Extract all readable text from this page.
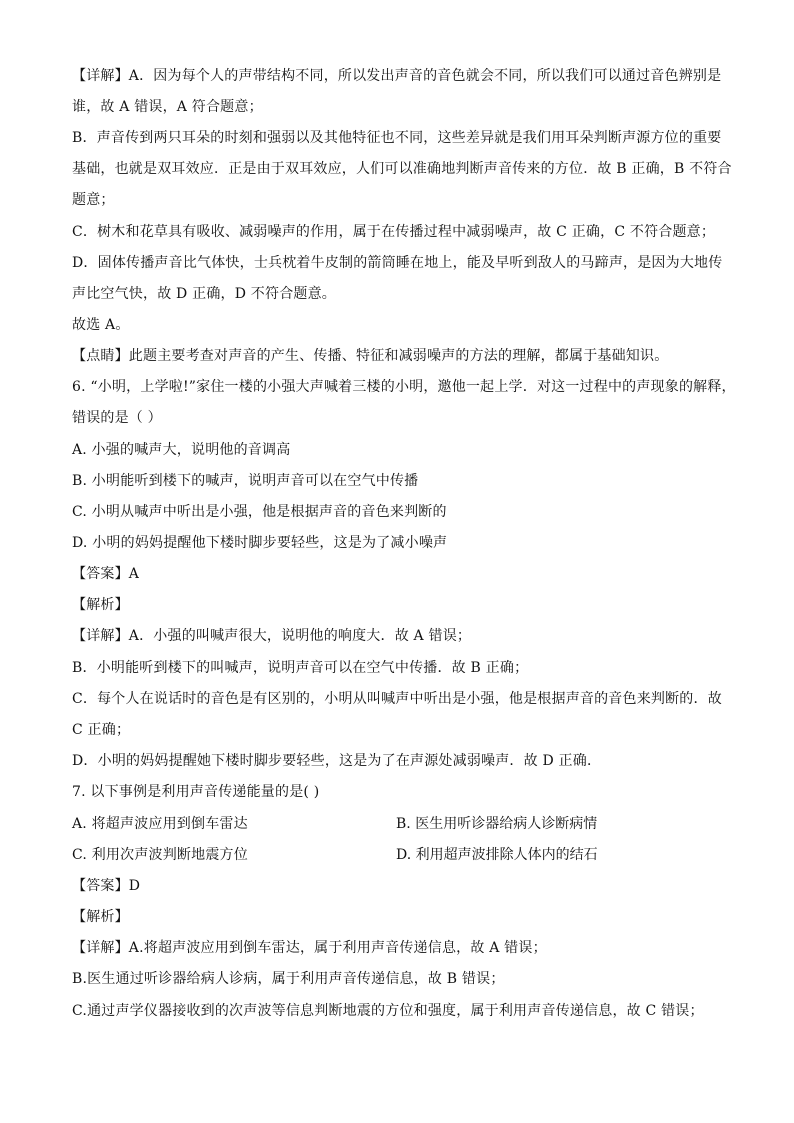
【详解】A．因为每个人的声带结构不同，所以发出声音的音色就会不同，所以我们可以通过音色辨别是
谁，故 A 错误，A 符合题意；
B．声音传到两只耳朵的时刻和强弱以及其他特征也不同，这些差异就是我们用耳朵判断声源方位的重要
基础，也就是双耳效应．正是由于双耳效应，人们可以准确地判断声音传来的方位．故 B 正确，B 不符合
题意；
C．树木和花草具有吸收、减弱噪声的作用，属于在传播过程中减弱噪声，故 C 正确，C 不符合题意；
D．固体传播声音比气体快，士兵枕着牛皮制的箭筒睡在地上，能及早听到敌人的马蹄声，是因为大地传
声比空气快，故 D 正确，D 不符合题意。
故选 A。
【点睛】此题主要考查对声音的产生、传播、特征和减弱噪声的方法的理解，都属于基础知识。
6. “小明，上学啦!”家住一楼的小强大声喊着三楼的小明，邀他一起上学．对这一过程中的声现象的解释，
错误的是（ ）
A. 小强的喊声大，说明他的音调高
B. 小明能听到楼下的喊声，说明声音可以在空气中传播
C. 小明从喊声中听出是小强，他是根据声音的音色来判断的
D. 小明的妈妈提醒他下楼时脚步要轻些，这是为了减小噪声
【答案】A
【解析】
【详解】A．小强的叫喊声很大，说明他的响度大．故 A 错误；
B．小明能听到楼下的叫喊声，说明声音可以在空气中传播．故 B 正确；
C．每个人在说话时的音色是有区别的，小明从叫喊声中听出是小强，他是根据声音的音色来判断的．故
C 正确；
D．小明的妈妈提醒她下楼时脚步要轻些，这是为了在声源处减弱噪声．故 D 正确．
7. 以下事例是利用声音传递能量的是( )
A. 将超声波应用到倒车雷达	B. 医生用听诊器给病人诊断病情
C. 利用次声波判断地震方位	D. 利用超声波排除人体内的结石
【答案】D
【解析】
【详解】A.将超声波应用到倒车雷达，属于利用声音传递信息，故 A 错误；
B.医生通过听诊器给病人诊病，属于利用声音传递信息，故 B 错误；
C.通过声学仪器接收到的次声波等信息判断地震的方位和强度，属于利用声音传递信息，故 C 错误；
